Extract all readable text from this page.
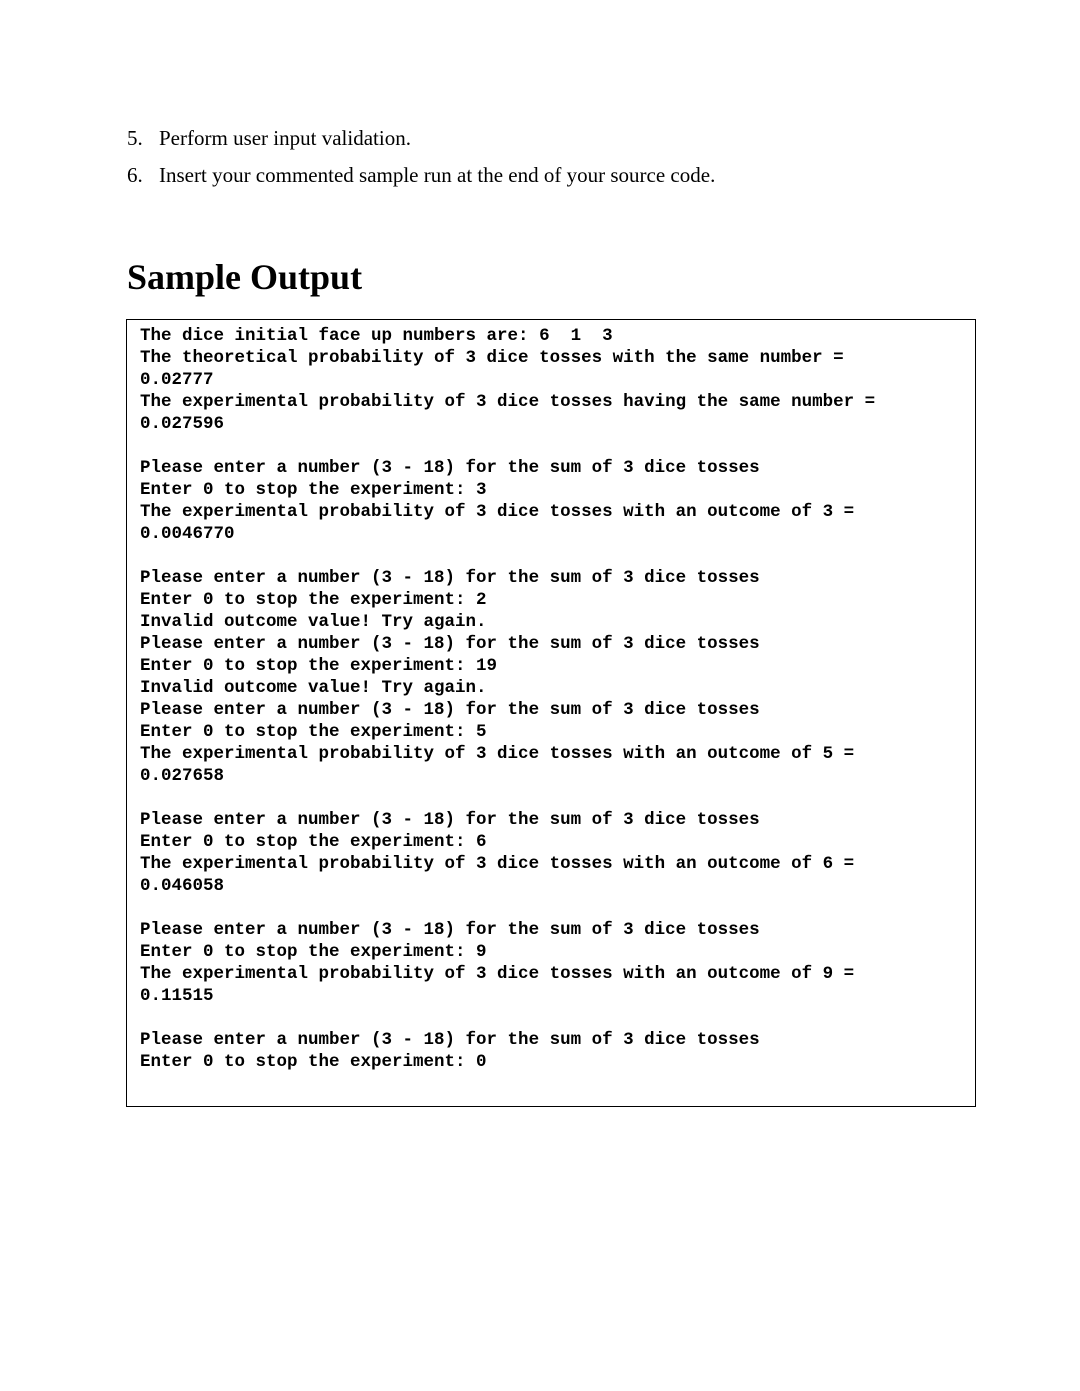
5. Perform user input validation.
6. Insert your commented sample run at the end of your source code.
Sample Output
The dice initial face up numbers are: 6  1  3
The theoretical probability of 3 dice tosses with the same number =
0.02777
The experimental probability of 3 dice tosses having the same number =
0.027596
Please enter a number (3 - 18) for the sum of 3 dice tosses
Enter 0 to stop the experiment: 3
The experimental probability of 3 dice tosses with an outcome of 3 =
0.0046770
Please enter a number (3 - 18) for the sum of 3 dice tosses
Enter 0 to stop the experiment: 2
Invalid outcome value! Try again.
Please enter a number (3 - 18) for the sum of 3 dice tosses
Enter 0 to stop the experiment: 19
Invalid outcome value! Try again.
Please enter a number (3 - 18) for the sum of 3 dice tosses
Enter 0 to stop the experiment: 5
The experimental probability of 3 dice tosses with an outcome of 5 =
0.027658
Please enter a number (3 - 18) for the sum of 3 dice tosses
Enter 0 to stop the experiment: 6
The experimental probability of 3 dice tosses with an outcome of 6 =
0.046058
Please enter a number (3 - 18) for the sum of 3 dice tosses
Enter 0 to stop the experiment: 9
The experimental probability of 3 dice tosses with an outcome of 9 =
0.11515
Please enter a number (3 - 18) for the sum of 3 dice tosses
Enter 0 to stop the experiment: 0
